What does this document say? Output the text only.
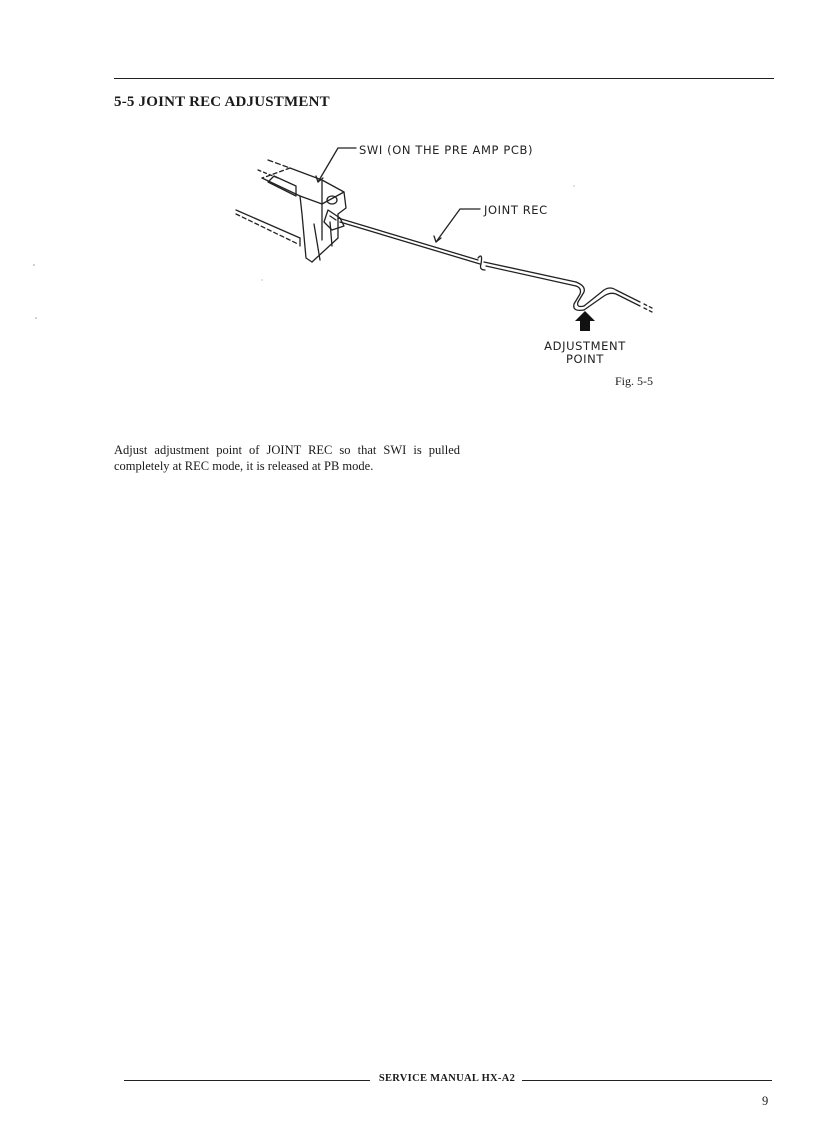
5-5 JOINT REC ADJUSTMENT
SWI (ON THE PRE AMP PCB)
JOINT REC
ADJUSTMENT
POINT
Fig. 5-5

Adjust adjustment point of JOINT REC so that SWI is pulled completely at REC mode, it is released at PB mode.

SERVICE MANUAL HX-A2
9
